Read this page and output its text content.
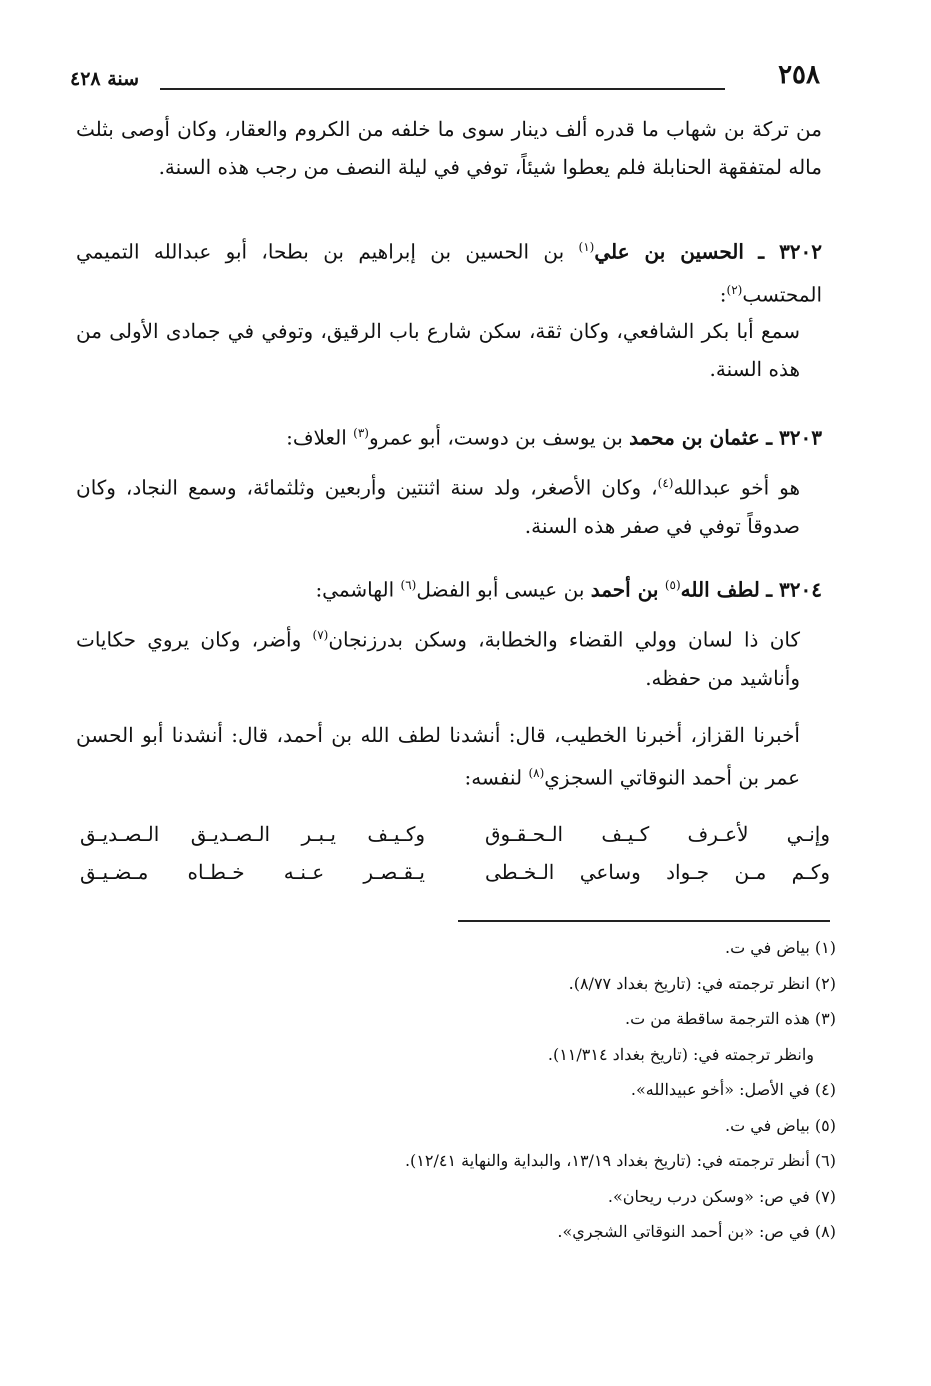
٢٥٨
سنة ٤٢٨

من تركة بن شهاب ما قدره ألف دينار سوى ما خلفه من الكروم والعقار، وكان أوصى بثلث ماله لمتفقهة الحنابلة فلم يعطوا شيئاً، توفي في ليلة النصف من رجب هذه السنة.

٣٢٠٢ ـ الحسين بن علي$^{(١)}$ بن الحسين بن إبراهيم بن بطحا، أبو عبدالله التميمي المحتسب$^{(٢)}$:

سمع أبا بكر الشافعي، وكان ثقة، سكن شارع باب الرقيق، وتوفي في جمادى الأولى من هذه السنة.

٣٢٠٣ ـ عثمان بن محمد بن يوسف بن دوست، أبو عمرو$^{(٣)}$ العلاف:

هو أخو عبدالله$^{(٤)}$، وكان الأصغر، ولد سنة اثنتين وأربعين وثلثمائة، وسمع النجاد، وكان صدوقاً توفي في صفر هذه السنة.

٣٢٠٤ ـ لطف الله$^{(٥)}$ بن أحمد بن عيسى أبو الفضل$^{(٦)}$ الهاشمي:

كان ذا لسان وولي القضاء والخطابة، وسكن بدرزنجان$^{(٧)}$ وأضر، وكان يروي حكايات وأناشيد من حفظه.

أخبرنا القزاز، أخبرنا الخطيب، قال: أنشدنا لطف الله بن أحمد، قال: أنشدنا أبو الحسن عمر بن أحمد النوقاتي السجزي$^{(٨)}$ لنفسه:

وإنـي لأعـرف كـيـف الـحـقـوق
وكـيـف يـبـر الـصـديـق الـصـديـق
وكـم مـن جـواد وساعي الـخـطى
يـقـصـر عـنـه خـطـاه مـضـيـق
(١) بياض في ت.
(٢) انظر ترجمته في: (تاريخ بغداد ٨/٧٧).
(٣) هذه الترجمة ساقطة من ت.
وانظر ترجمته في: (تاريخ بغداد ١١/٣١٤).
(٤) في الأصل: «أخو عبيدالله».
(٥) بياض في ت.
(٦) أنظر ترجمته في: (تاريخ بغداد ١٣/١٩، والبداية والنهاية ١٢/٤١).
(٧) في ص: «وسكن درب ريحان».
(٨) في ص: «بن أحمد النوقاتي الشجري».
